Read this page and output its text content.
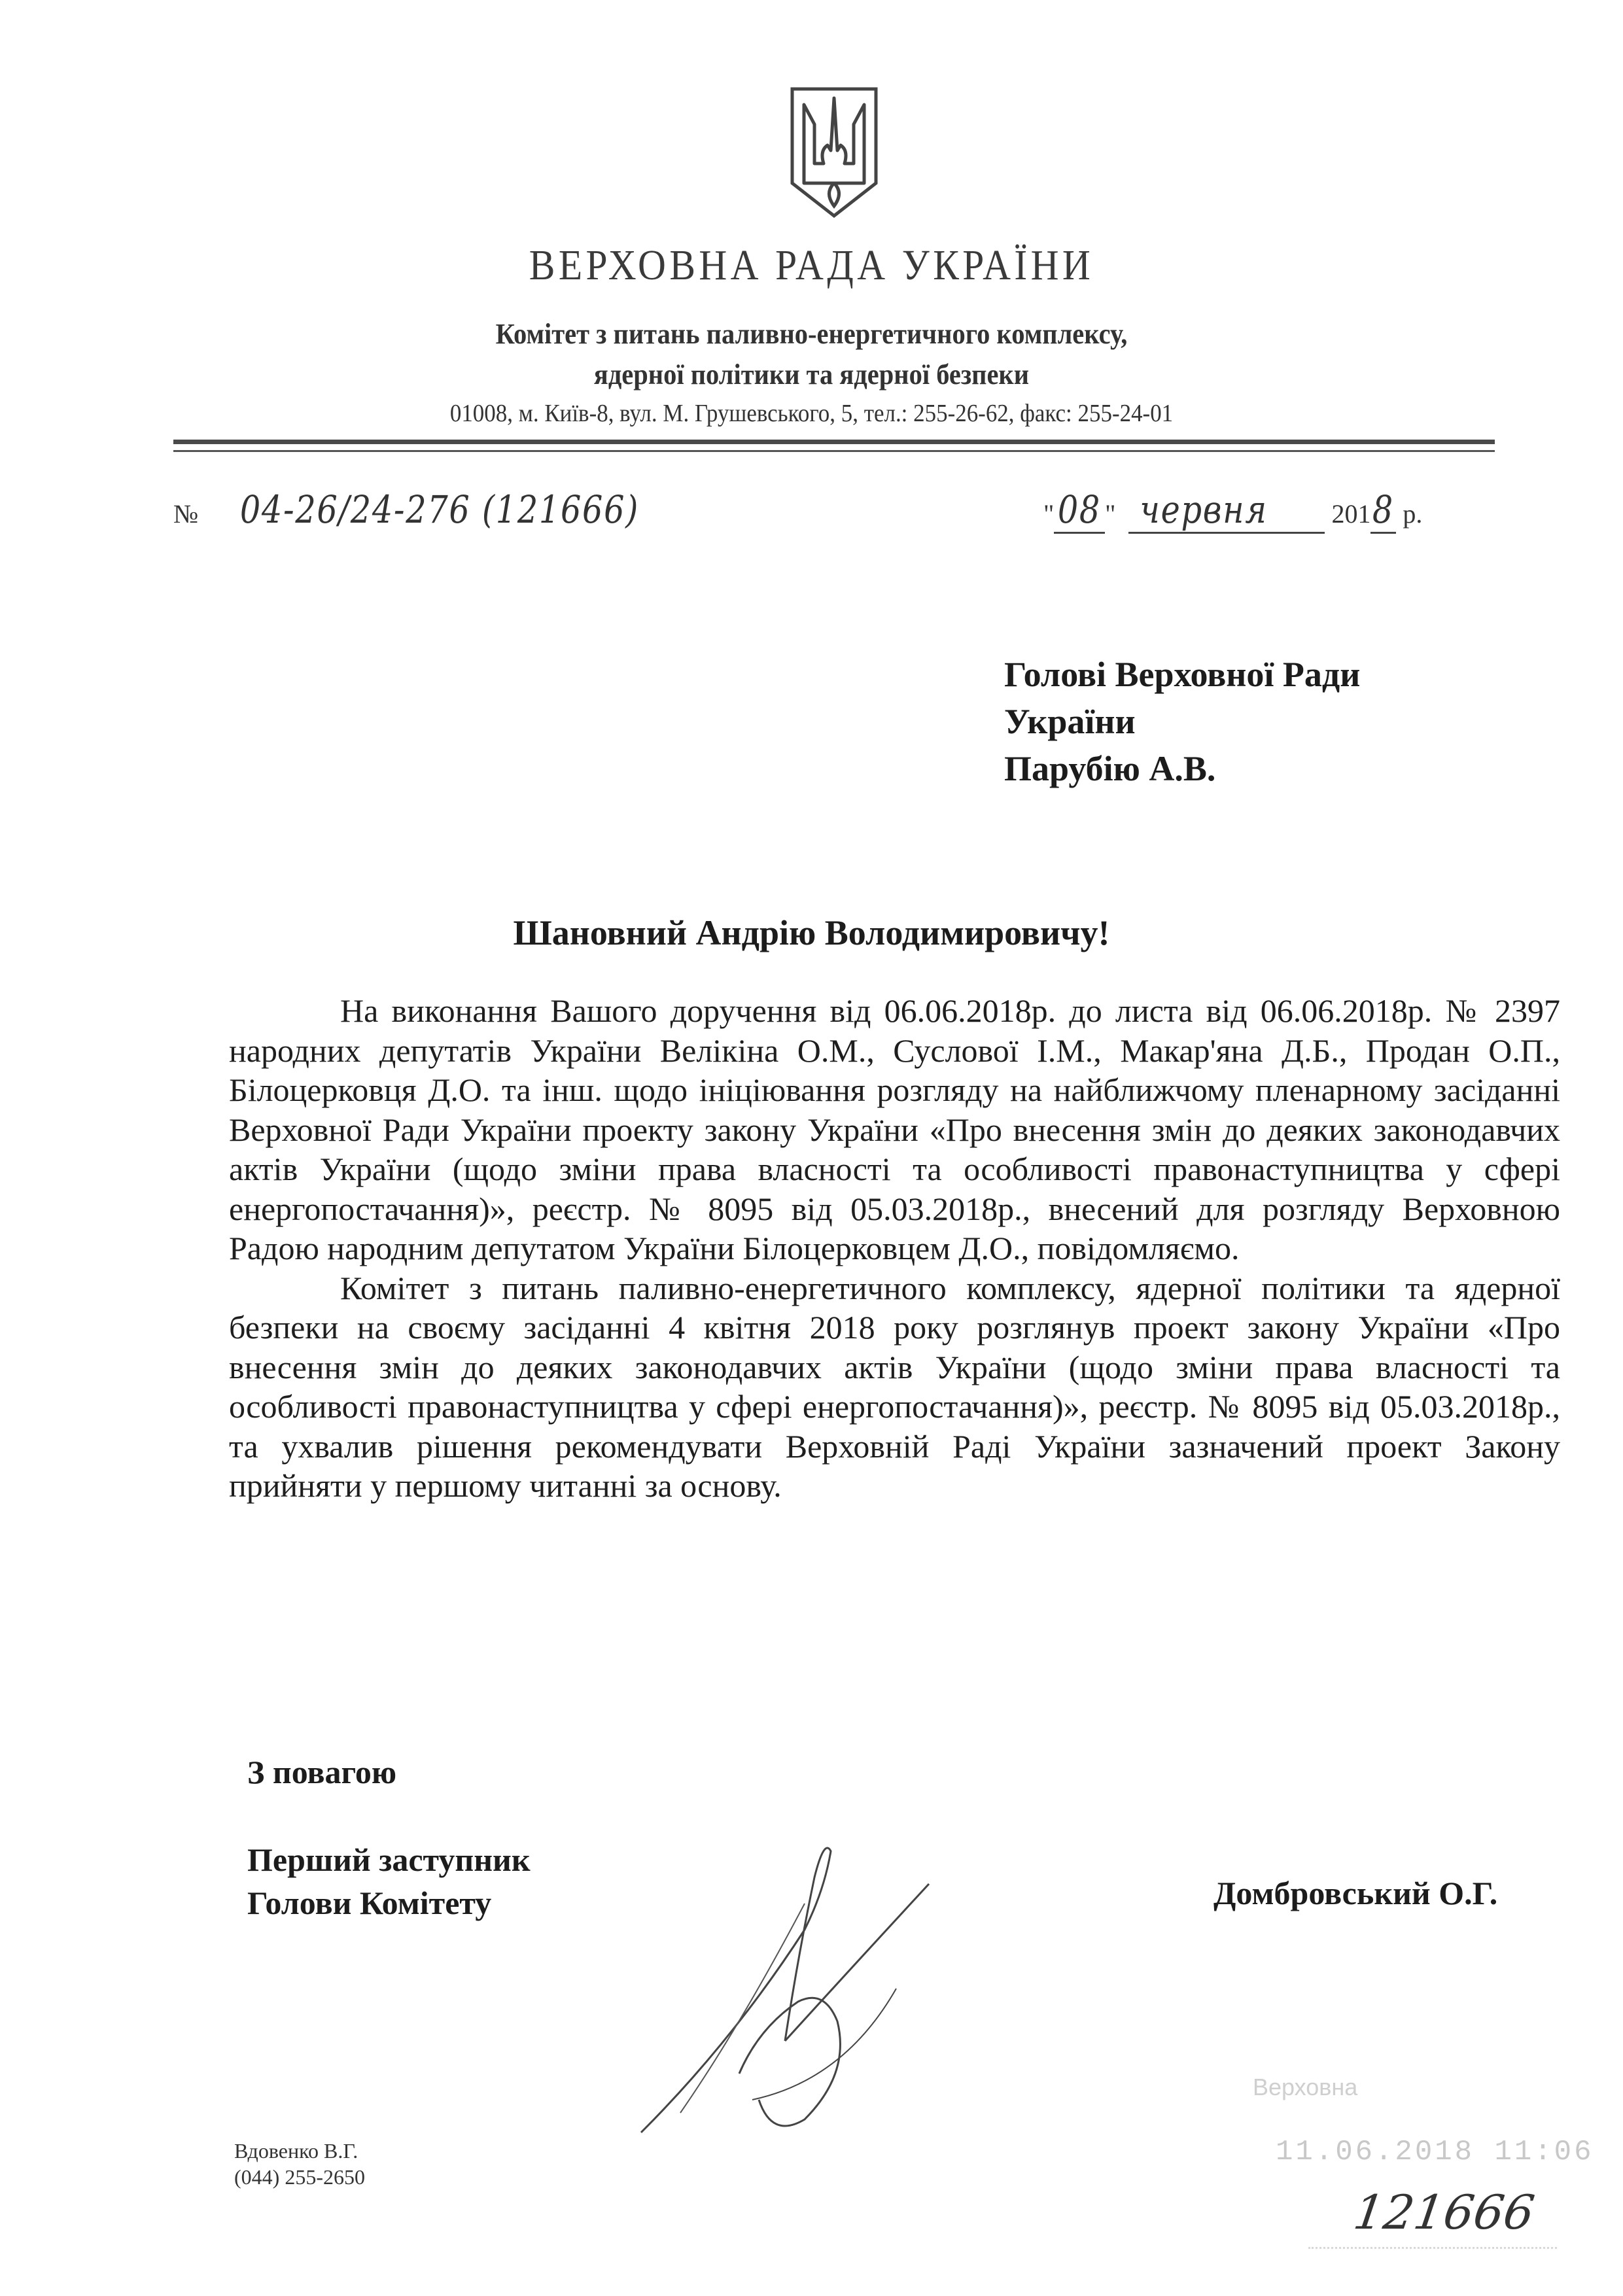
ВЕРХОВНА РАДА УКРАЇНИ
Комітет з питань паливно-енергетичного комплексу,
ядерної політики та ядерної безпеки
01008, м. Київ-8, вул. М. Грушевського, 5, тел.: 255-26-62, факс: 255-24-01
№ 04-26/24-276 (121666)	" 08 " червня 2018 р.
Голові Верховної Ради
України
Парубію А.В.
Шановний Андрію Володимировичу!

На виконання Вашого доручення від 06.06.2018р. до листа від 06.06.2018р. № 2397 народних депутатів України Велікіна О.М., Суслової І.М., Макар'яна Д.Б., Продан О.П., Білоцерковця Д.О. та інш. щодо ініціювання розгляду на найближчому пленарному засіданні Верховної Ради України проекту закону України «Про внесення змін до деяких законодавчих актів України (щодо зміни права власності та особливості правонаступництва у сфері енергопостачання)», реєстр. № 8095 від 05.03.2018р., внесений для розгляду Верховною Радою народним депутатом України Білоцерковцем Д.О., повідомляємо.

Комітет з питань паливно-енергетичного комплексу, ядерної політики та ядерної безпеки на своєму засіданні 4 квітня 2018 року розглянув проект закону України «Про внесення змін до деяких законодавчих актів України (щодо зміни права власності та особливості правонаступництва у сфері енергопостачання)», реєстр. № 8095 від 05.03.2018р., та ухвалив рішення рекомендувати Верховній Раді України зазначений проект Закону прийняти у першому читанні за основу.

З повагою
Перший заступник
Голови Комітету	Домбровський О.Г.
Вдовенко В.Г.
(044) 255-2650
Верховна
11.06.2018 11:06
121666
